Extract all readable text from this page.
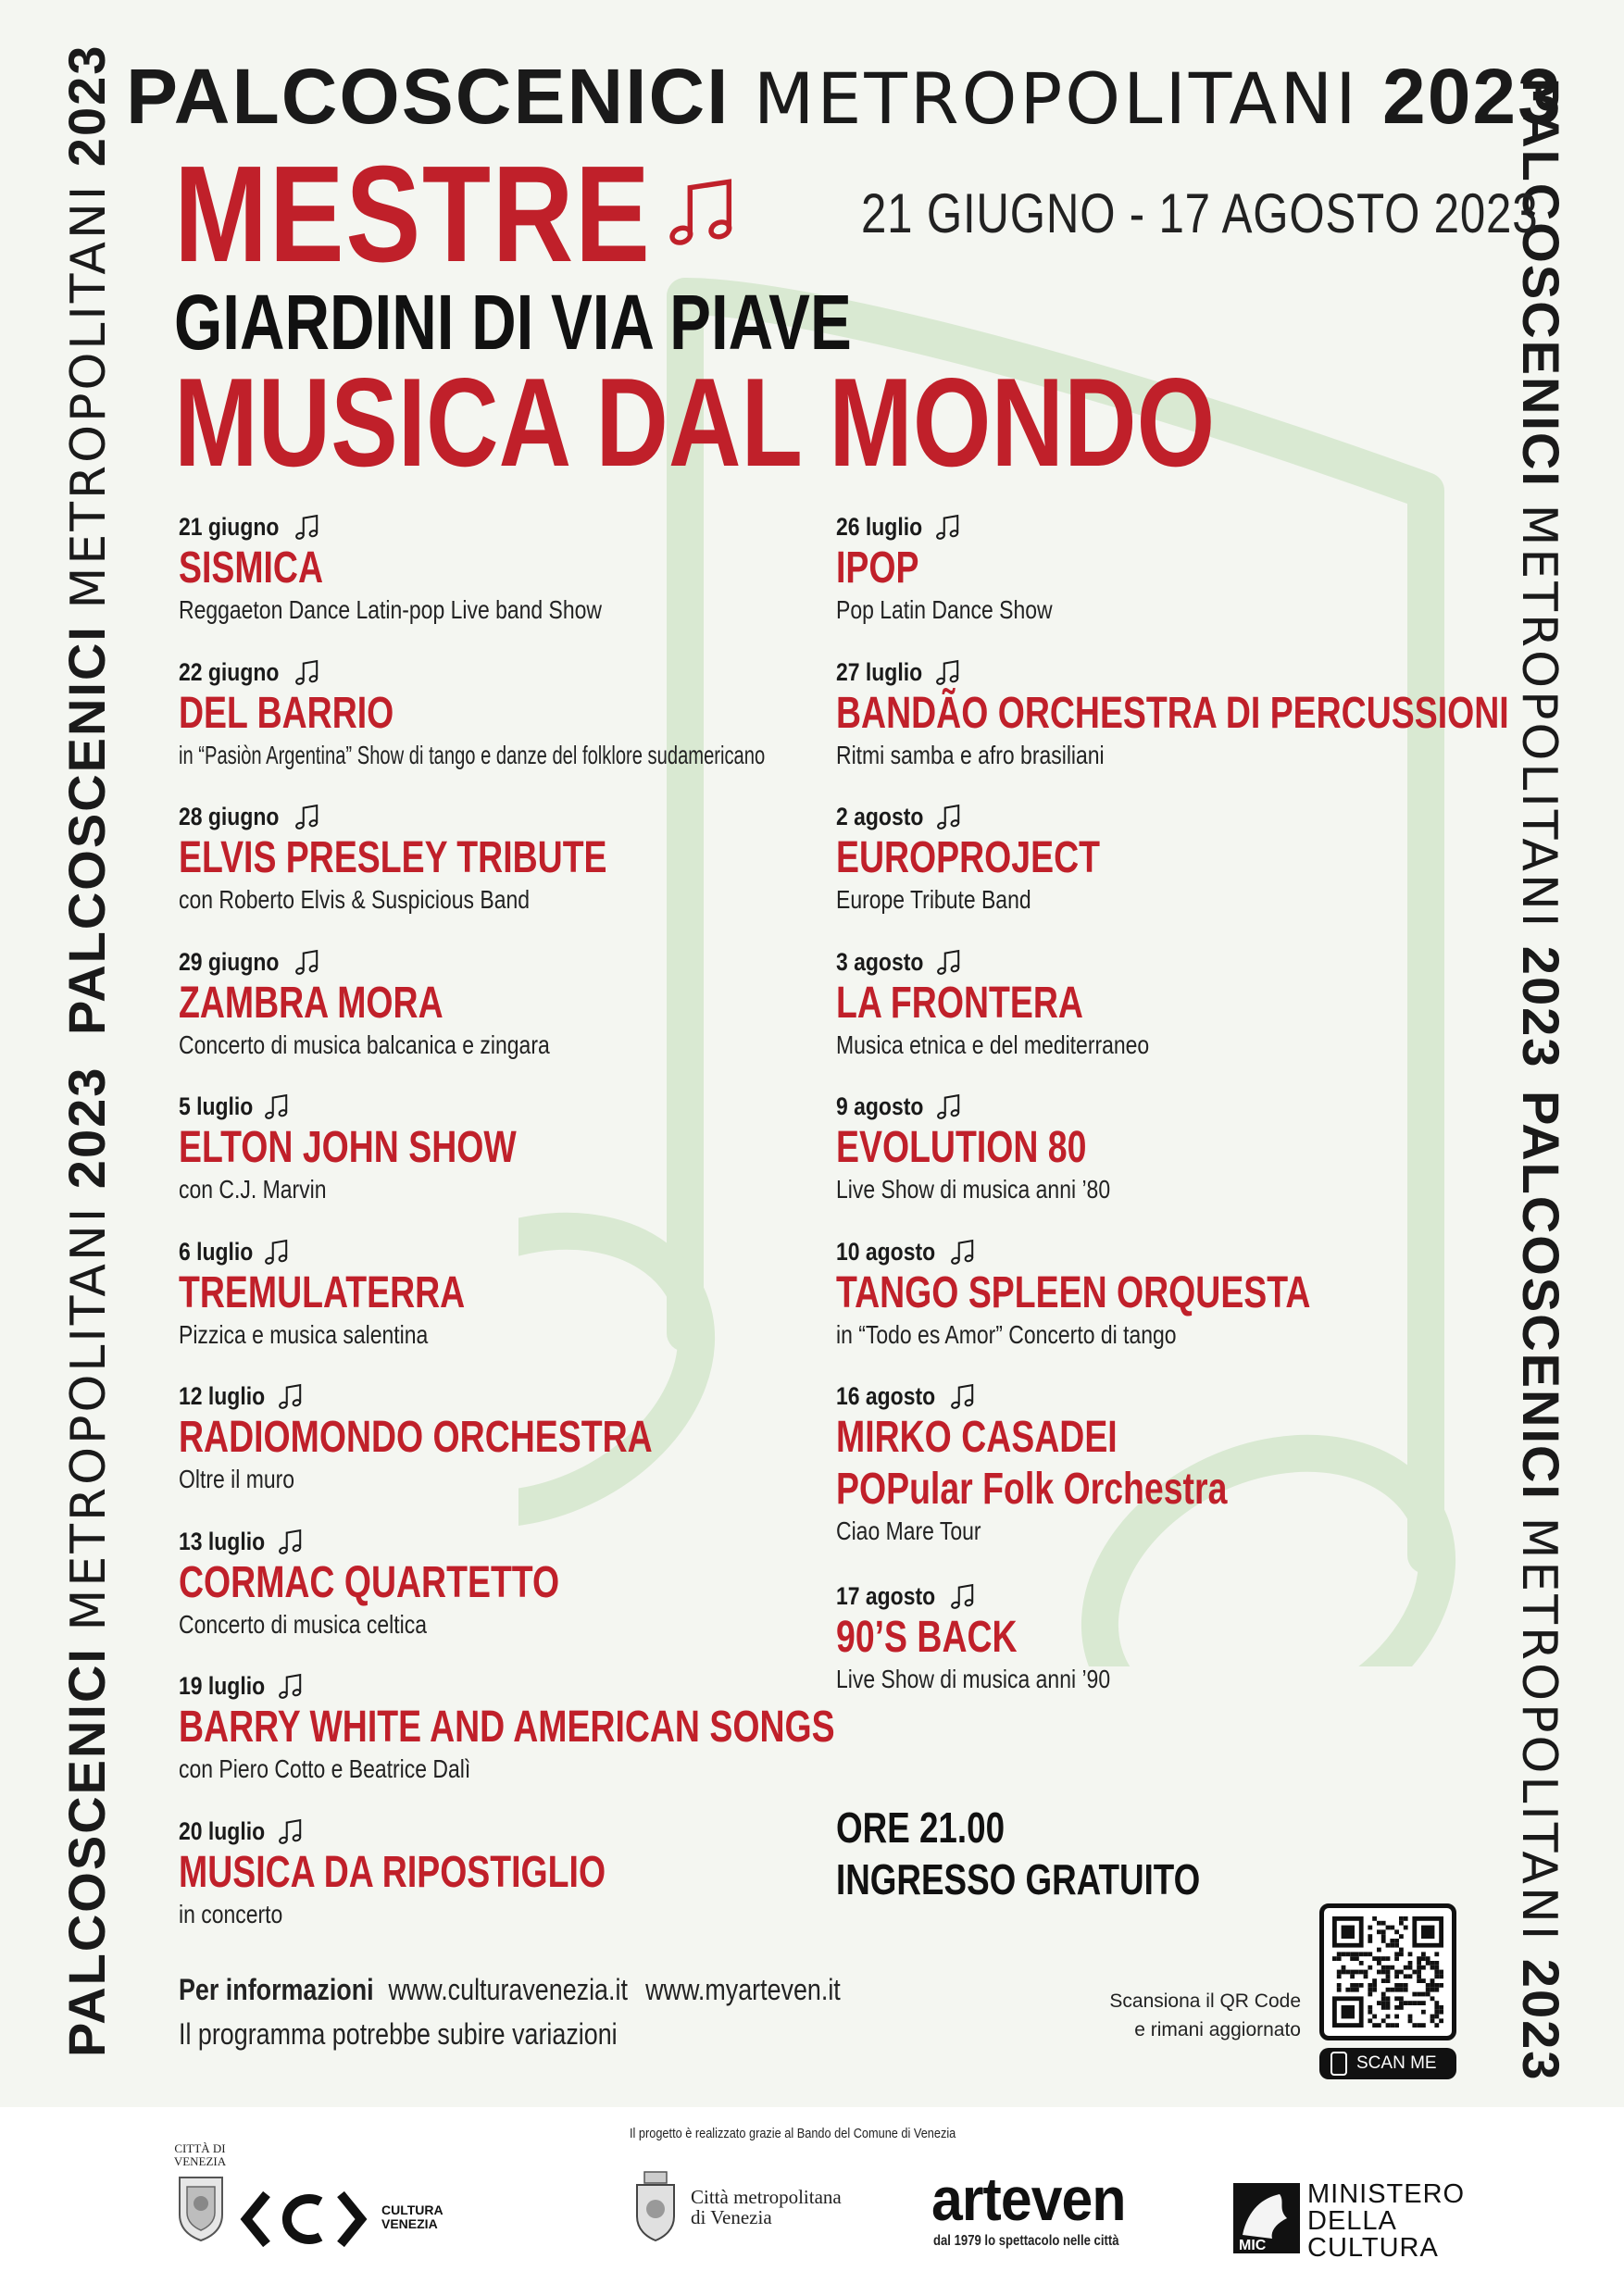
PALCOSCENICI METROPOLITANI 2023
PALCOSCENICI METROPOLITANI 2023
PALCOSCENICI METROPOLITANI 2023
PALCOSCENICI METROPOLITANI 2023
PALCOSCENICI METROPOLITANI 2023
MESTRE	21 GIUGNO - 17 AGOSTO 2023
GIARDINI DI VIA PIAVE
MUSICA DAL MONDO
21 giugno
SISMICA
Reggaeton Dance Latin-pop Live band Show
22 giugno
DEL BARRIO
in “Pasiòn Argentina” Show di tango e danze del folklore sudamericano
28 giugno
ELVIS PRESLEY TRIBUTE
con Roberto Elvis & Suspicious Band
29 giugno
ZAMBRA MORA
Concerto di musica balcanica e zingara
5 luglio
ELTON JOHN SHOW
con C.J. Marvin
6 luglio
TREMULATERRA
Pizzica e musica salentina
12 luglio
RADIOMONDO ORCHESTRA
Oltre il muro
13 luglio
CORMAC QUARTETTO
Concerto di musica celtica
19 luglio
BARRY WHITE AND AMERICAN SONGS
con Piero Cotto e Beatrice Dalì
20 luglio
MUSICA DA RIPOSTIGLIO
in concerto
26 luglio
IPOP
Pop Latin Dance Show
27 luglio
BANDÃO ORCHESTRA DI PERCUSSIONI
Ritmi samba e afro brasiliani
2 agosto
EUROPROJECT
Europe Tribute Band
3 agosto
LA FRONTERA
Musica etnica e del mediterraneo
9 agosto
EVOLUTION 80
Live Show di musica anni ’80
10 agosto
TANGO SPLEEN ORQUESTA
in “Todo es Amor” Concerto di tango
16 agosto
MIRKO CASADEI
POPular Folk Orchestra
Ciao Mare Tour
17 agosto
90’S BACK
Live Show di musica anni ’90
ORE 21.00
INGRESSO GRATUITO
Per informazioni www.culturavenezia.it www.myarteven.it
Il programma potrebbe subire variazioni
Scansiona il QR Code
e rimani aggiornato
SCAN ME
Il progetto è realizzato grazie al Bando del Comune di Venezia
CITTÀ DI
VENEZIA
CULTURA
VENEZIA
Città metropolitana
di Venezia	arteven
dal 1979 lo spettacolo nelle città	MIC
MINISTERO
DELLA
CULTURA
